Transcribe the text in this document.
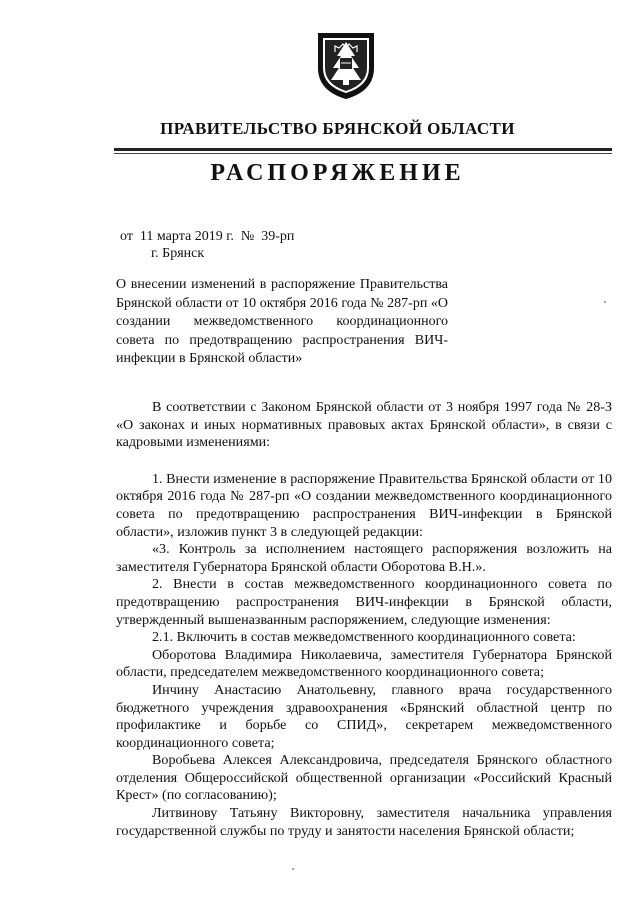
ПРАВИТЕЛЬСТВО БРЯНСКОЙ ОБЛАСТИ
РАСПОРЯЖЕНИЕ
от  11 марта 2019 г.  №  39-рп
г. Брянск

О внесении изменений в распоряжение Правительства Брянской области от 10 октября 2016 года № 287-рп «О создании межведомственного координационного совета по предотвращению распространения ВИЧ-инфекции в Брянской области»

В соответствии с Законом Брянской области от 3 ноября 1997 года № 28-З «О законах и иных нормативных правовых актах Брянской области», в связи с кадровыми изменениями:

1. Внести изменение в распоряжение Правительства Брянской области от 10 октября 2016 года № 287-рп «О создании межведомственного координационного совета по предотвращению распространения ВИЧ-инфекции в Брянской области», изложив пункт 3 в следующей редакции:

«3. Контроль за исполнением настоящего распоряжения возложить на заместителя Губернатора Брянской области Оборотова В.Н.».

2. Внести в состав межведомственного координационного совета по предотвращению распространения ВИЧ-инфекции в Брянской области, утвержденный вышеназванным распоряжением, следующие изменения:

2.1. Включить в состав межведомственного координационного совета:

Оборотова Владимира Николаевича, заместителя Губернатора Брянской области, председателем межведомственного координационного совета;

Инчину Анастасию Анатольевну, главного врача государственного бюджетного учреждения здравоохранения «Брянский областной центр по профилактике и борьбе со СПИД», секретарем межведомственного координационного совета;

Воробьева Алексея Александровича, председателя Брянского областного отделения Общероссийской общественной организации «Российский Красный Крест» (по согласованию);

Литвинову Татьяну Викторовну, заместителя начальника управления государственной службы по труду и занятости населения Брянской области;
